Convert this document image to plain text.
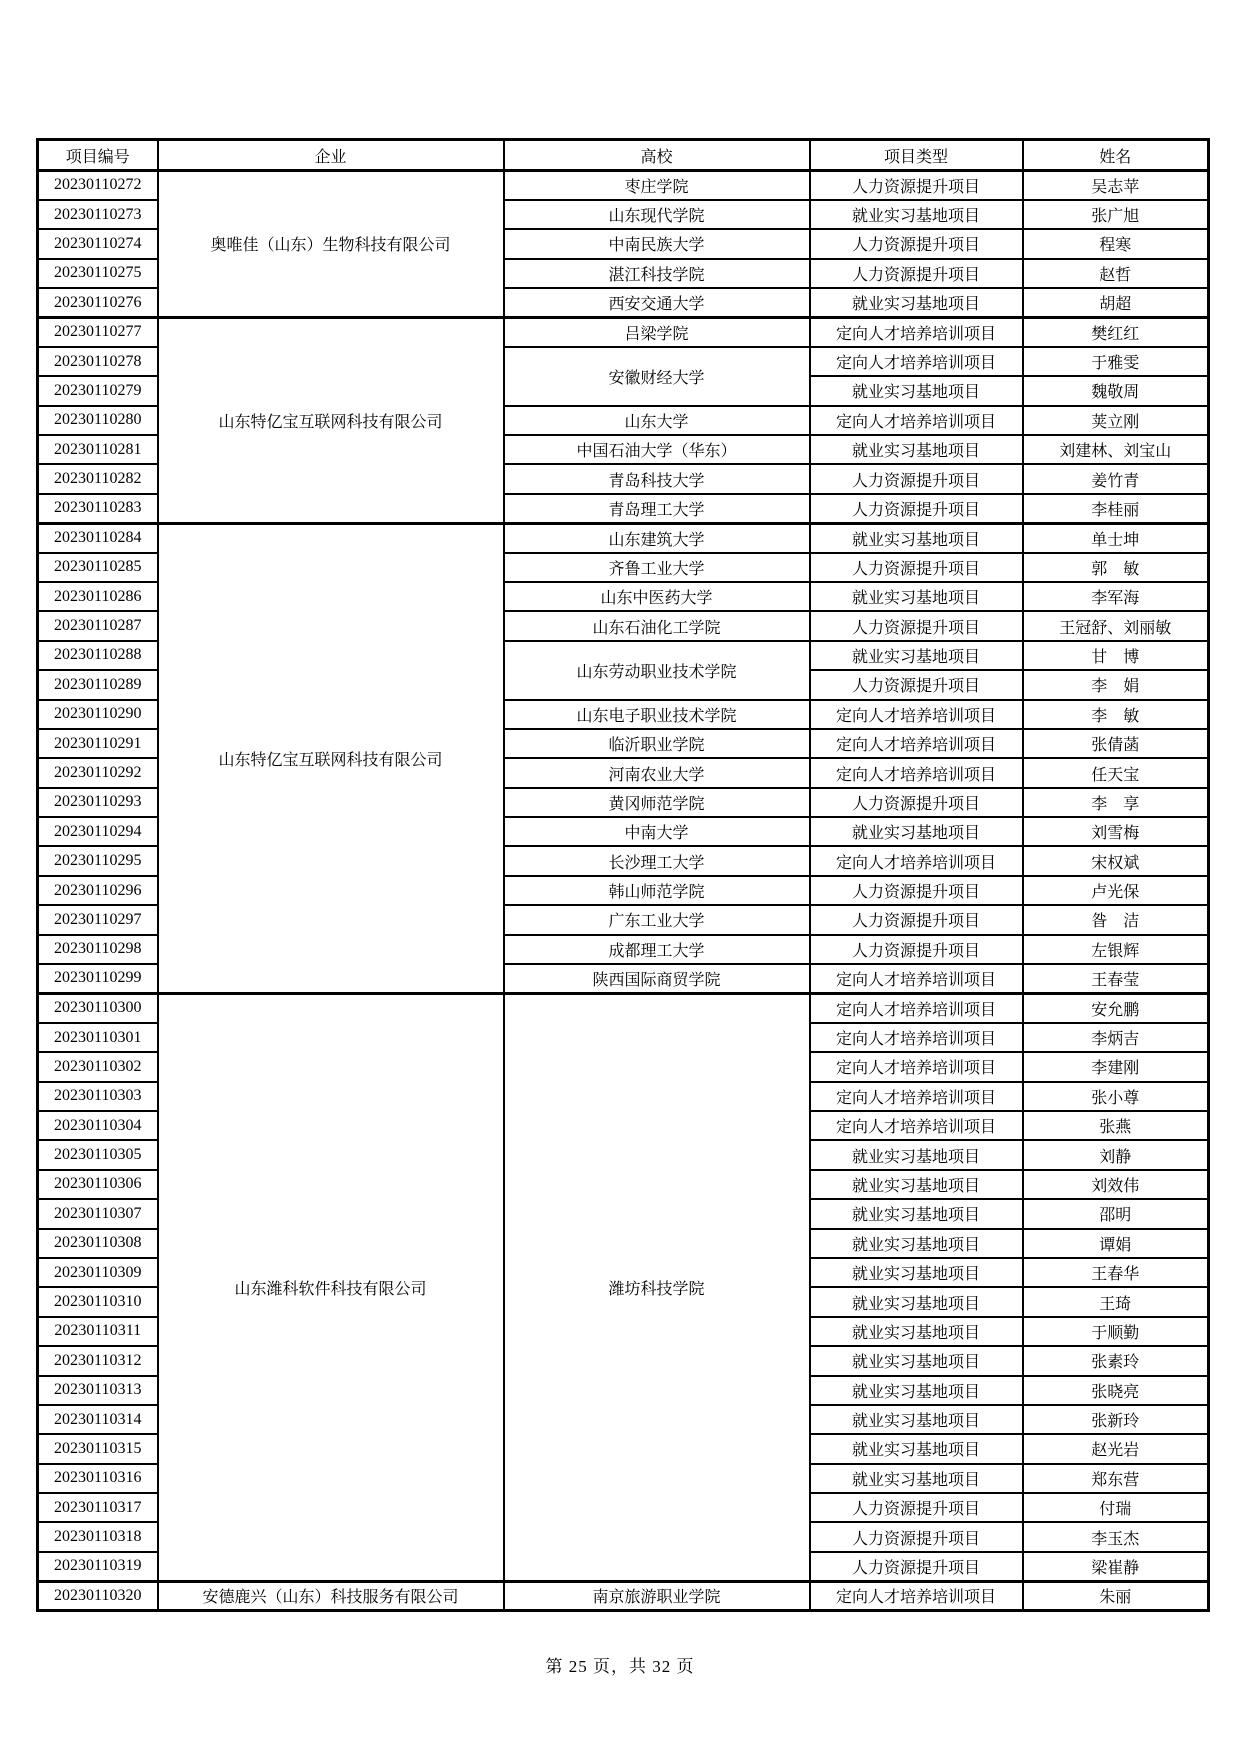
项目编号	企业	高校	项目类型	姓名
20230110272	奥唯佳（山东）生物科技有限公司	枣庄学院	人力资源提升项目	吴志苹
20230110273		山东现代学院	就业实习基地项目	张广旭
20230110274		中南民族大学	人力资源提升项目	程寒
20230110275		湛江科技学院	人力资源提升项目	赵哲
20230110276		西安交通大学	就业实习基地项目	胡超
20230110277	山东特亿宝互联网科技有限公司	吕梁学院	定向人才培养培训项目	樊红红
20230110278		安徽财经大学	定向人才培养培训项目	于雅雯
20230110279			就业实习基地项目	魏敬周
20230110280		山东大学	定向人才培养培训项目	荚立刚
20230110281		中国石油大学（华东）	就业实习基地项目	刘建林、刘宝山
20230110282		青岛科技大学	人力资源提升项目	姜竹青
20230110283		青岛理工大学	人力资源提升项目	李桂丽
20230110284	山东特亿宝互联网科技有限公司	山东建筑大学	就业实习基地项目	单士坤
20230110285		齐鲁工业大学	人力资源提升项目	郭　敏
20230110286		山东中医药大学	就业实习基地项目	李军海
20230110287		山东石油化工学院	人力资源提升项目	王冠舒、刘丽敏
20230110288		山东劳动职业技术学院	就业实习基地项目	甘　博
20230110289			人力资源提升项目	李　娟
20230110290		山东电子职业技术学院	定向人才培养培训项目	李　敏
20230110291		临沂职业学院	定向人才培养培训项目	张倩菡
20230110292		河南农业大学	定向人才培养培训项目	任天宝
20230110293		黄冈师范学院	人力资源提升项目	李　享
20230110294		中南大学	就业实习基地项目	刘雪梅
20230110295		长沙理工大学	定向人才培养培训项目	宋权斌
20230110296		韩山师范学院	人力资源提升项目	卢光保
20230110297		广东工业大学	人力资源提升项目	昝　洁
20230110298		成都理工大学	人力资源提升项目	左银辉
20230110299		陕西国际商贸学院	定向人才培养培训项目	王春莹
20230110300	山东潍科软件科技有限公司	潍坊科技学院	定向人才培养培训项目	安允鹏
20230110301			定向人才培养培训项目	李炳吉
20230110302			定向人才培养培训项目	李建刚
20230110303			定向人才培养培训项目	张小尊
20230110304			定向人才培养培训项目	张燕
20230110305			就业实习基地项目	刘静
20230110306			就业实习基地项目	刘效伟
20230110307			就业实习基地项目	邵明
20230110308			就业实习基地项目	谭娟
20230110309			就业实习基地项目	王春华
20230110310			就业实习基地项目	王琦
20230110311			就业实习基地项目	于顺勤
20230110312			就业实习基地项目	张素玲
20230110313			就业实习基地项目	张晓亮
20230110314			就业实习基地项目	张新玲
20230110315			就业实习基地项目	赵光岩
20230110316			就业实习基地项目	郑东营
20230110317			人力资源提升项目	付瑞
20230110318			人力资源提升项目	李玉杰
20230110319			人力资源提升项目	梁崔静
20230110320	安德鹿兴（山东）科技服务有限公司	南京旅游职业学院	定向人才培养培训项目	朱丽
第 25 页，共 32 页
